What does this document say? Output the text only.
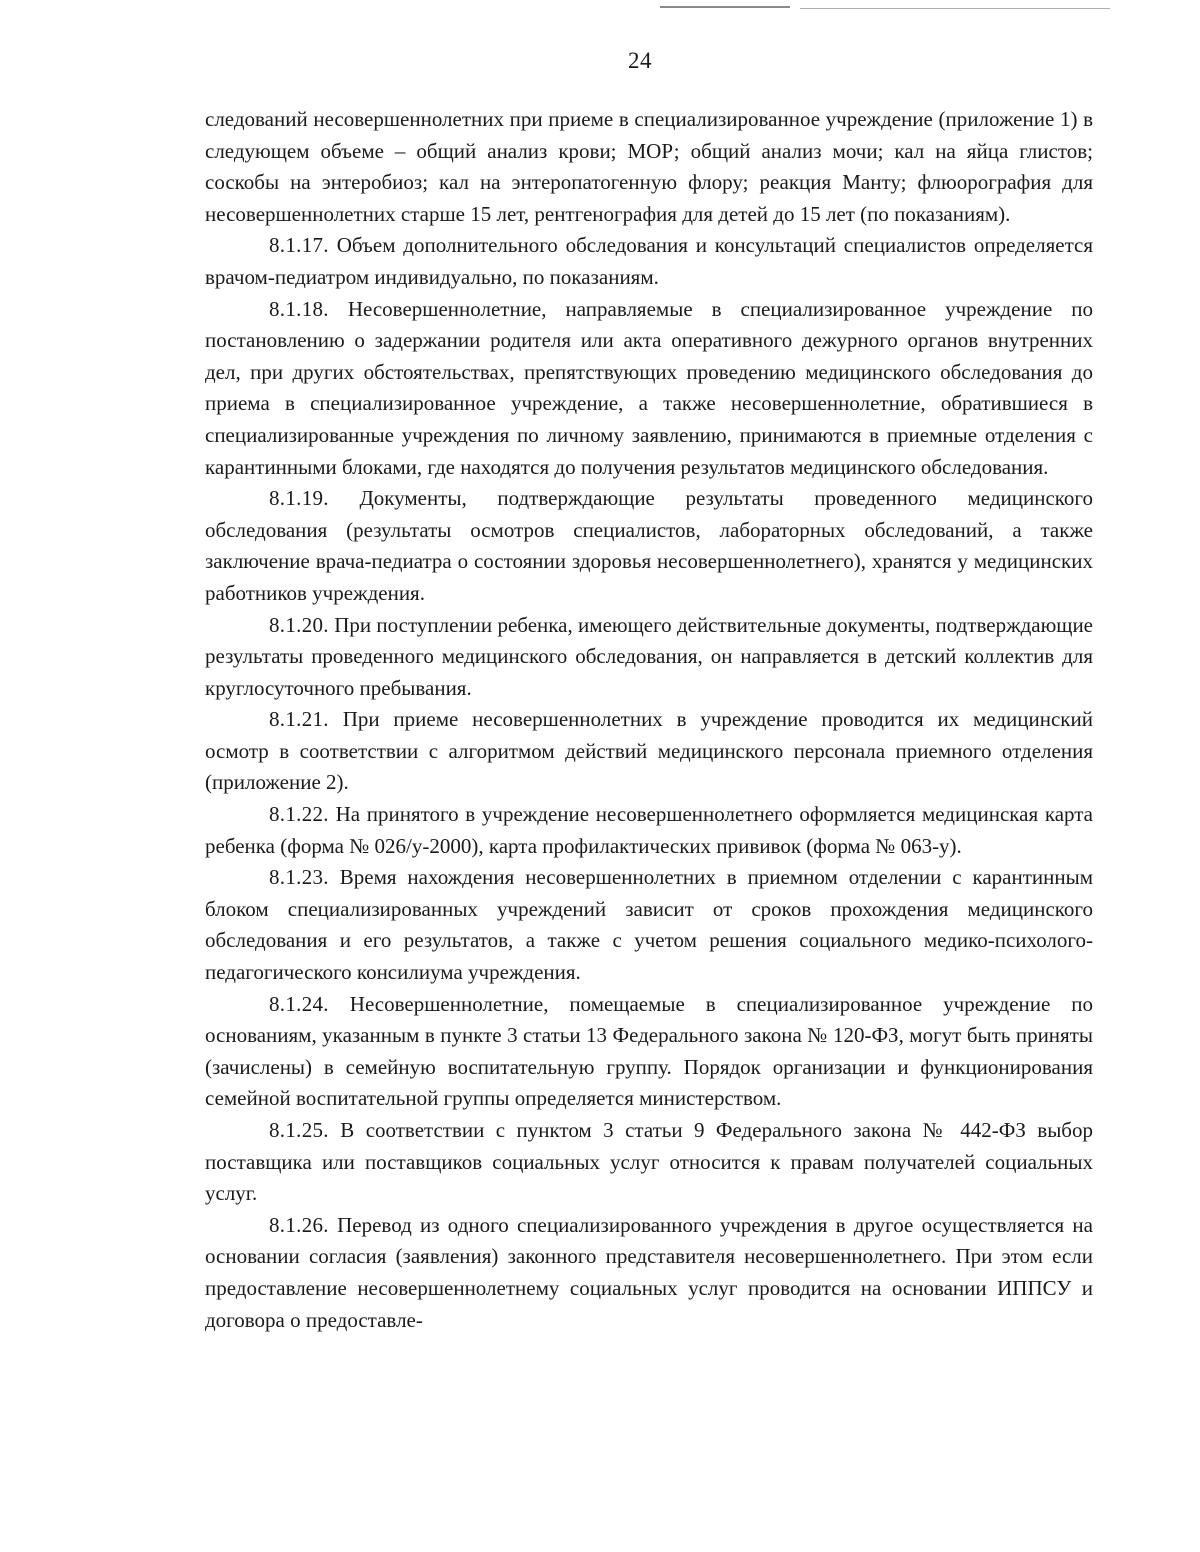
24

следований несовершеннолетних при приеме в специализированное учреждение (приложение 1) в следующем объеме – общий анализ крови; МОР; общий анализ мочи; кал на яйца глистов; соскобы на энтеробиоз; кал на энтеропатогенную флору; реакция Манту; флюорография для несовершеннолетних старше 15 лет, рентгенография для детей до 15 лет (по показаниям).

8.1.17. Объем дополнительного обследования и консультаций специалистов определяется врачом-педиатром индивидуально, по показаниям.

8.1.18. Несовершеннолетние, направляемые в специализированное учреждение по постановлению о задержании родителя или акта оперативного дежурного органов внутренних дел, при других обстоятельствах, препятствующих проведению медицинского обследования до приема в специализированное учреждение, а также несовершеннолетние, обратившиеся в специализированные учреждения по личному заявлению, принимаются в приемные отделения с карантинными блоками, где находятся до получения результатов медицинского обследования.

8.1.19. Документы, подтверждающие результаты проведенного медицинского обследования (результаты осмотров специалистов, лабораторных обследований, а также заключение врача-педиатра о состоянии здоровья несовершеннолетнего), хранятся у медицинских работников учреждения.

8.1.20. При поступлении ребенка, имеющего действительные документы, подтверждающие результаты проведенного медицинского обследования, он направляется в детский коллектив для круглосуточного пребывания.

8.1.21. При приеме несовершеннолетних в учреждение проводится их медицинский осмотр в соответствии с алгоритмом действий медицинского персонала приемного отделения (приложение 2).

8.1.22. На принятого в учреждение несовершеннолетнего оформляется медицинская карта ребенка (форма № 026/у-2000), карта профилактических прививок (форма № 063-у).

8.1.23. Время нахождения несовершеннолетних в приемном отделении с карантинным блоком специализированных учреждений зависит от сроков прохождения медицинского обследования и его результатов, а также с учетом решения социального медико-психолого-педагогического консилиума учреждения.

8.1.24. Несовершеннолетние, помещаемые в специализированное учреждение по основаниям, указанным в пункте 3 статьи 13 Федерального закона № 120-ФЗ, могут быть приняты (зачислены) в семейную воспитательную группу. Порядок организации и функционирования семейной воспитательной группы определяется министерством.

8.1.25. В соответствии с пунктом 3 статьи 9 Федерального закона № 442-ФЗ выбор поставщика или поставщиков социальных услуг относится к правам получателей социальных услуг.

8.1.26. Перевод из одного специализированного учреждения в другое осуществляется на основании согласия (заявления) законного представителя несовершеннолетнего. При этом если предоставление несовершеннолетнему социальных услуг проводится на основании ИППСУ и договора о предоставле-
